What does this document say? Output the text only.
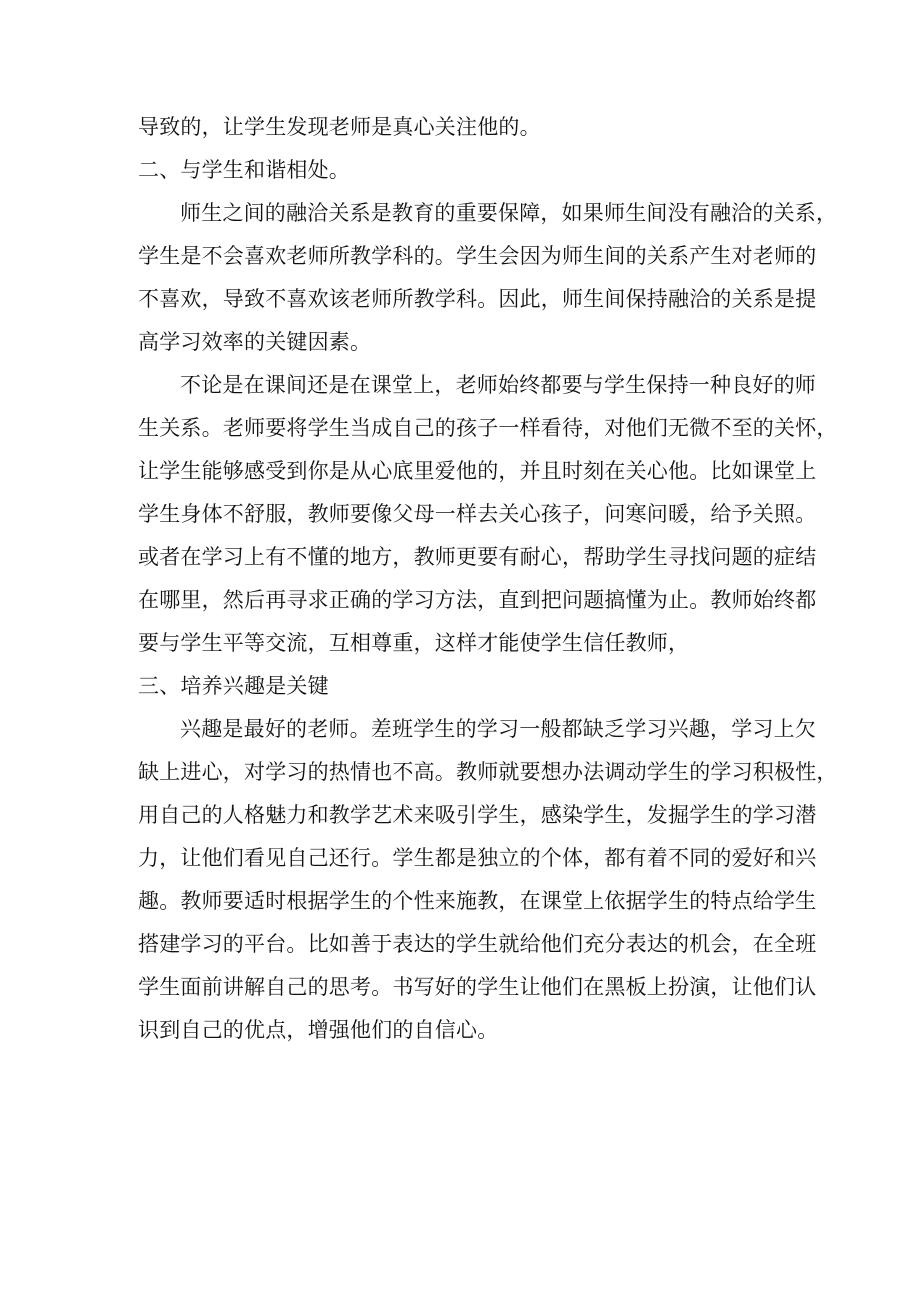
导致的，让学生发现老师是真心关注他的。
二、与学生和谐相处。
师生之间的融洽关系是教育的重要保障，如果师生间没有融洽的关系，
学生是不会喜欢老师所教学科的。学生会因为师生间的关系产生对老师的
不喜欢，导致不喜欢该老师所教学科。因此，师生间保持融洽的关系是提
高学习效率的关键因素。
不论是在课间还是在课堂上，老师始终都要与学生保持一种良好的师
生关系。老师要将学生当成自己的孩子一样看待，对他们无微不至的关怀，
让学生能够感受到你是从心底里爱他的，并且时刻在关心他。比如课堂上
学生身体不舒服，教师要像父母一样去关心孩子，问寒问暖，给予关照。
或者在学习上有不懂的地方，教师更要有耐心，帮助学生寻找问题的症结
在哪里，然后再寻求正确的学习方法，直到把问题搞懂为止。教师始终都
要与学生平等交流，互相尊重，这样才能使学生信任教师，
三、培养兴趣是关键
兴趣是最好的老师。差班学生的学习一般都缺乏学习兴趣，学习上欠
缺上进心，对学习的热情也不高。教师就要想办法调动学生的学习积极性，
用自己的人格魅力和教学艺术来吸引学生，感染学生，发掘学生的学习潜
力，让他们看见自己还行。学生都是独立的个体，都有着不同的爱好和兴
趣。教师要适时根据学生的个性来施教，在课堂上依据学生的特点给学生
搭建学习的平台。比如善于表达的学生就给他们充分表达的机会，在全班
学生面前讲解自己的思考。书写好的学生让他们在黑板上扮演，让他们认
识到自己的优点，增强他们的自信心。
